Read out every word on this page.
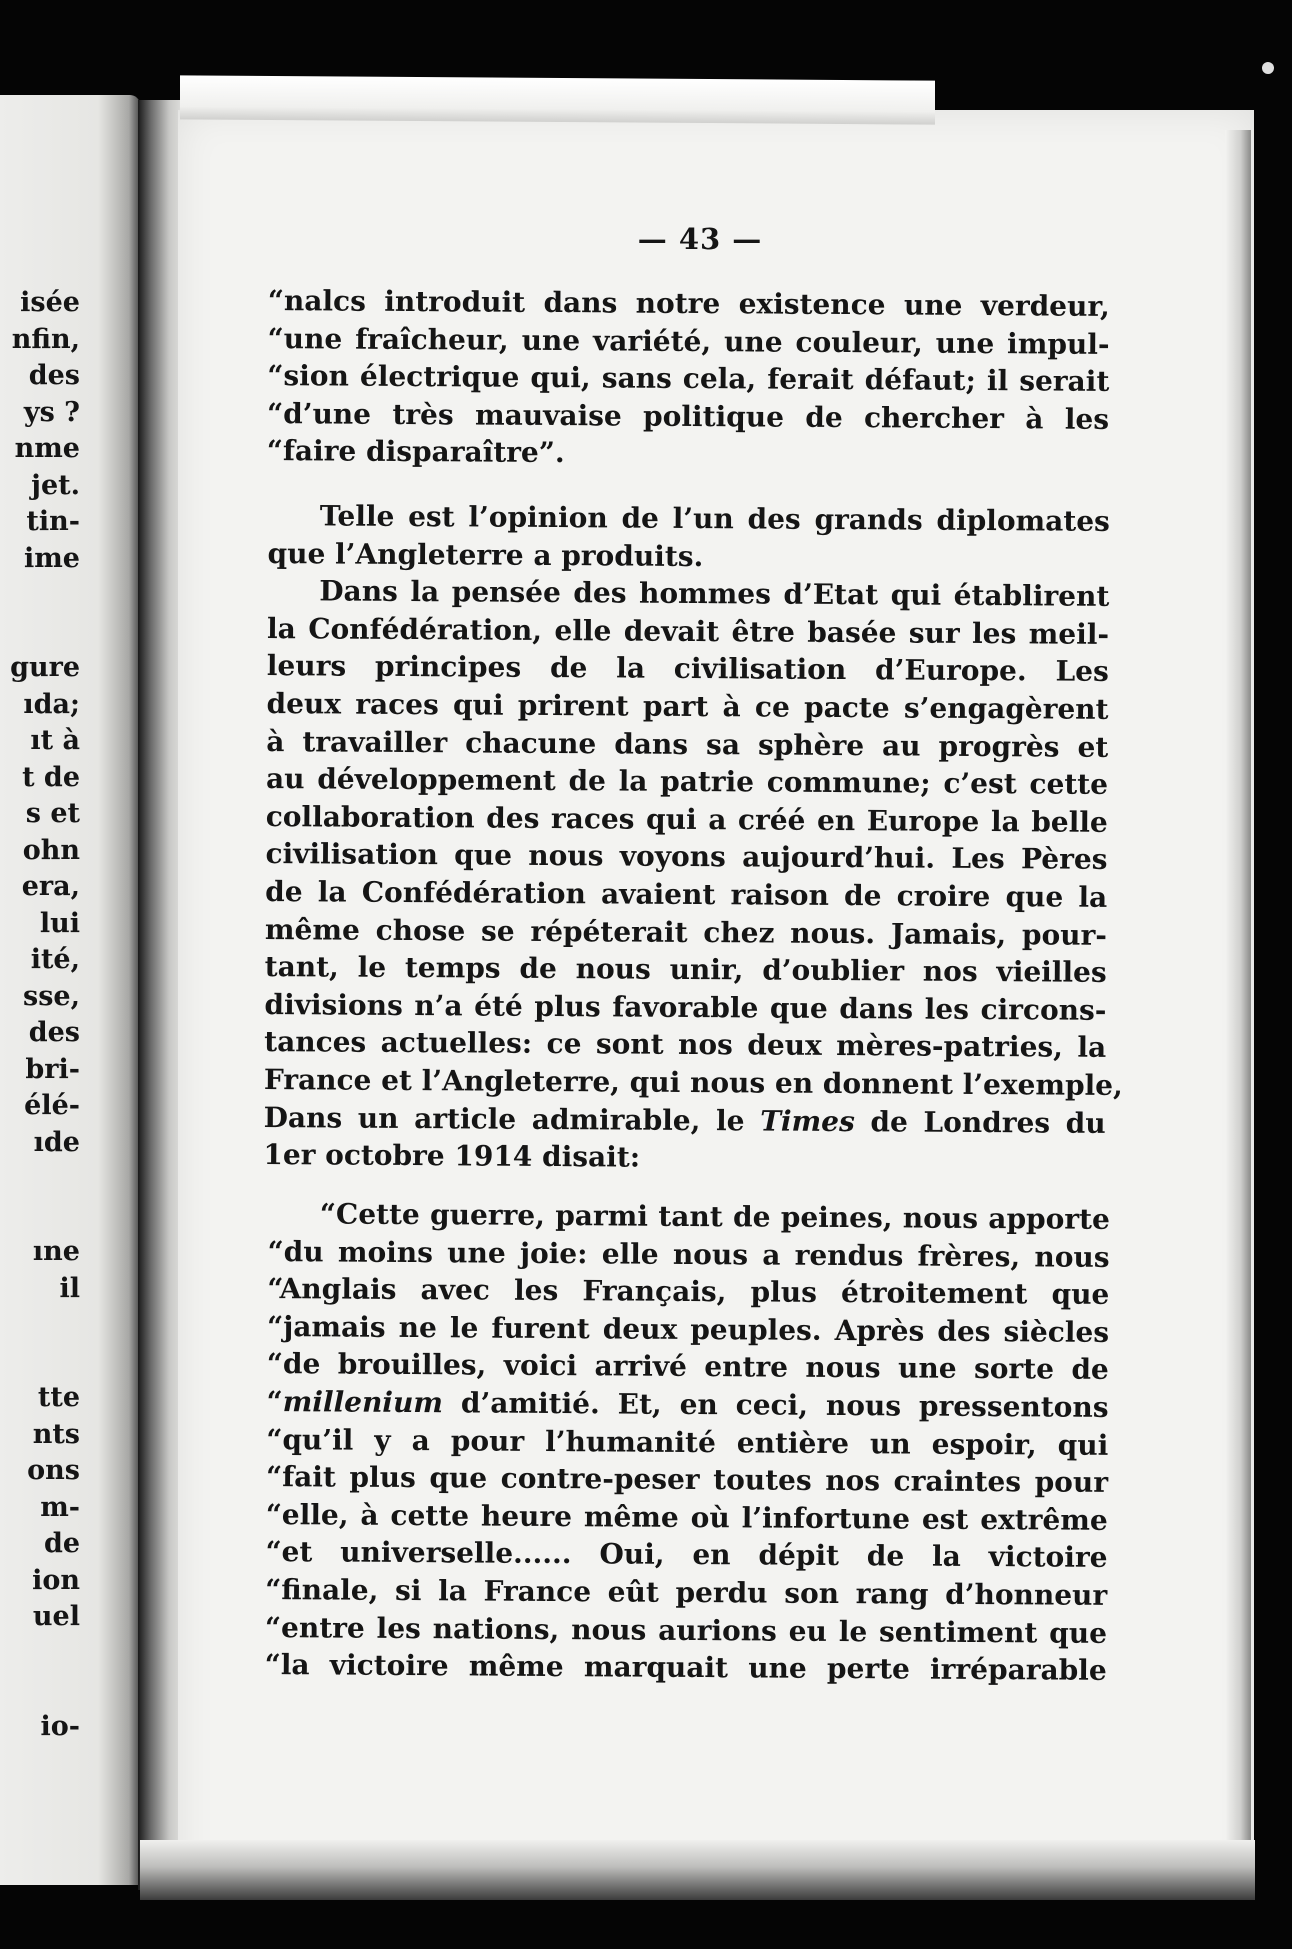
isée
nfin,
des
ys ?
nme
jet.
tin-
ime
gure
ıda;
ıt à
t de
s et
ohn
era,
lui
ité,
sse,
des
bri-
élé-
ıde
ıne
il
tte
nts
ons
m-
de
ion
uel
io-
— 43 —
“nalcs introduit dans notre existence une verdeur,
“une fraîcheur, une variété, une couleur, une impul-
“sion électrique qui, sans cela, ferait défaut; il serait
“d’une très mauvaise politique de chercher à les
“faire disparaître”.
Telle est l’opinion de l’un des grands diplomates
que l’Angleterre a produits.
Dans la pensée des hommes d’Etat qui établirent
la Confédération, elle devait être basée sur les meil-
leurs principes de la civilisation d’Europe. Les
deux races qui prirent part à ce pacte s’engagèrent
à travailler chacune dans sa sphère au progrès et
au développement de la patrie commune; c’est cette
collaboration des races qui a créé en Europe la belle
civilisation que nous voyons aujourd’hui. Les Pères
de la Confédération avaient raison de croire que la
même chose se répéterait chez nous. Jamais, pour-
tant, le temps de nous unir, d’oublier nos vieilles
divisions n’a été plus favorable que dans les circons-
tances actuelles: ce sont nos deux mères-patries, la
France et l’Angleterre, qui nous en donnent l’exemple,
Dans un article admirable, le Times de Londres du
1er octobre 1914 disait:
“Cette guerre, parmi tant de peines, nous apporte
“du moins une joie: elle nous a rendus frères, nous
“Anglais avec les Français, plus étroitement que
“jamais ne le furent deux peuples. Après des siècles
“de brouilles, voici arrivé entre nous une sorte de
“millenium d’amitié. Et, en ceci, nous pressentons
“qu’il y a pour l’humanité entière un espoir, qui
“fait plus que contre-peser toutes nos craintes pour
“elle, à cette heure même où l’infortune est extrême
“et universelle...... Oui, en dépit de la victoire
“finale, si la France eût perdu son rang d’honneur
“entre les nations, nous aurions eu le sentiment que
“la victoire même marquait une perte irréparable
